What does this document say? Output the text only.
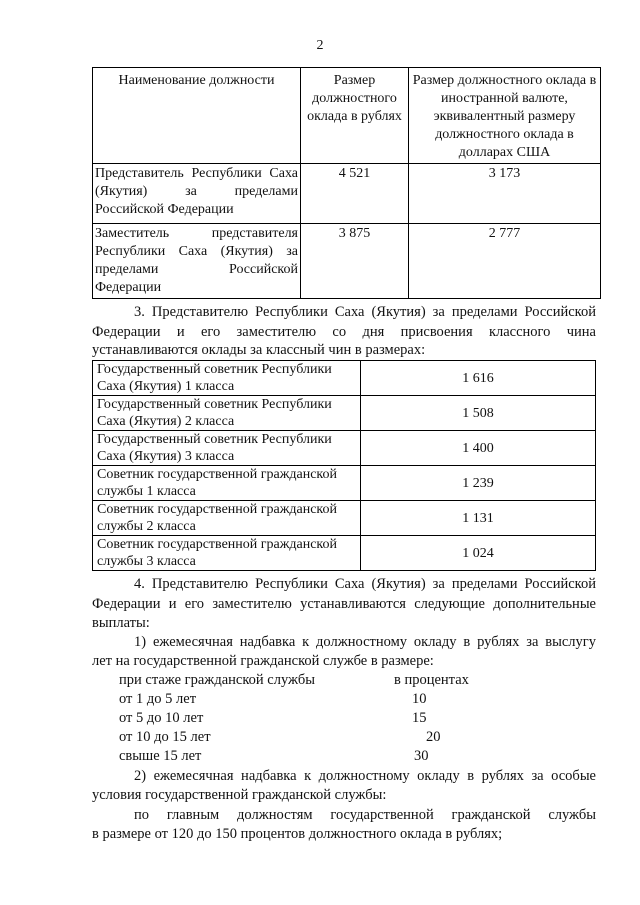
2
Наименование должности	Размер должностного оклада в рублях	Размер должностного оклада в иностранной валюте, эквивалентный размеру должностного оклада в долларах США
Представитель Республики Саха (Якутия) за пределами
Российской Федерации	4 521	3 173
Заместитель представителя Республики Саха (Якутия) за пределами Российской
Федерации	3 875	2 777
3. Представителю Республики Саха (Якутия) за пределами Российской
Федерации и его заместителю со дня присвоения классного чина
устанавливаются оклады за классный чин в размерах:
Государственный советник Республики
Саха (Якутия) 1 класса	1 616
Государственный советник Республики
Саха (Якутия) 2 класса	1 508
Государственный советник Республики
Саха (Якутия) 3 класса	1 400
Советник государственной гражданской
службы 1 класса	1 239
Советник государственной гражданской
службы 2 класса	1 131
Советник государственной гражданской
службы 3 класса	1 024
4. Представителю Республики Саха (Якутия) за пределами Российской
Федерации и его заместителю устанавливаются следующие дополнительные
выплаты:
1) ежемесячная надбавка к должностному окладу в рублях за выслугу
лет на государственной гражданской службе в размере:
при стаже гражданской службы	в процентах
от 1 до 5 лет	10
от 5 до 10 лет	15
от 10 до 15 лет	20
свыше 15 лет	30
2) ежемесячная надбавка к должностному окладу в рублях за особые
условия государственной гражданской службы:
по главным должностям государственной гражданской службы
в размере от 120 до 150 процентов должностного оклада в рублях;
